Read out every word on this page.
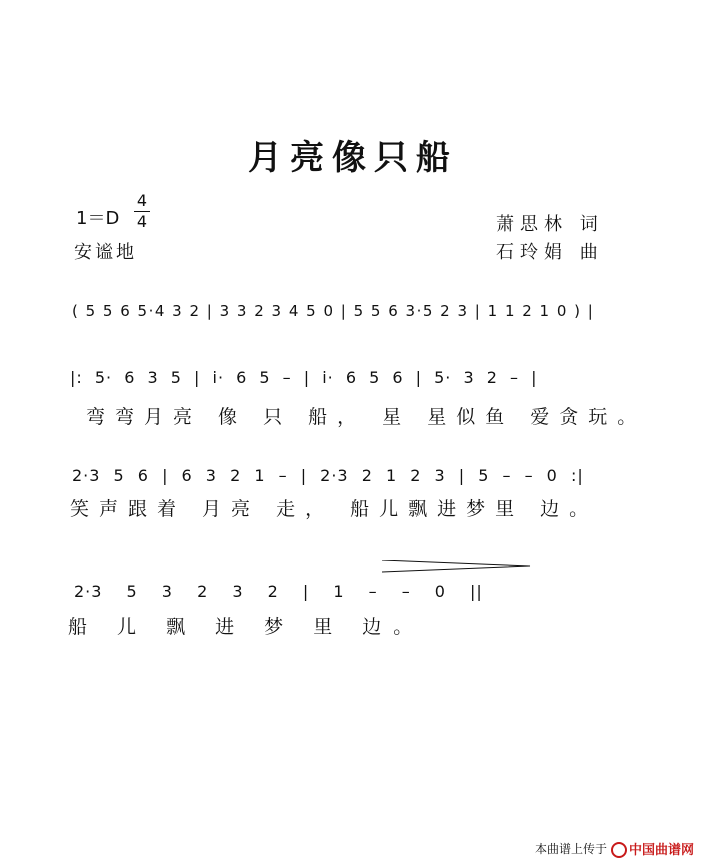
月亮像只船
1＝D
4
4
安谧地
萧思林 词
石玲娟 曲
( 5 5 6 5·4 3 2 | 3 3 2 3 4 5 0 | 5 5 6 3·5 2 3 | 1 1 2 1 0 ) |
|: 5· 6 3 5 | i· 6 5 – | i· 6 5 6 | 5· 3 2 – |
弯弯月亮 像 只 船， 星 星似鱼 爱贪玩。
2·3 5 6 | 6 3 2 1 – | 2·3 2 1 2 3 | 5 – – 0 :|
笑声跟着 月亮 走， 船儿飘进梦里 边。
2·3 5 3 2 3 2 | 1 – – 0 ||
船 儿 飘 进 梦 里 边。
本曲谱上传于	中国曲谱网
